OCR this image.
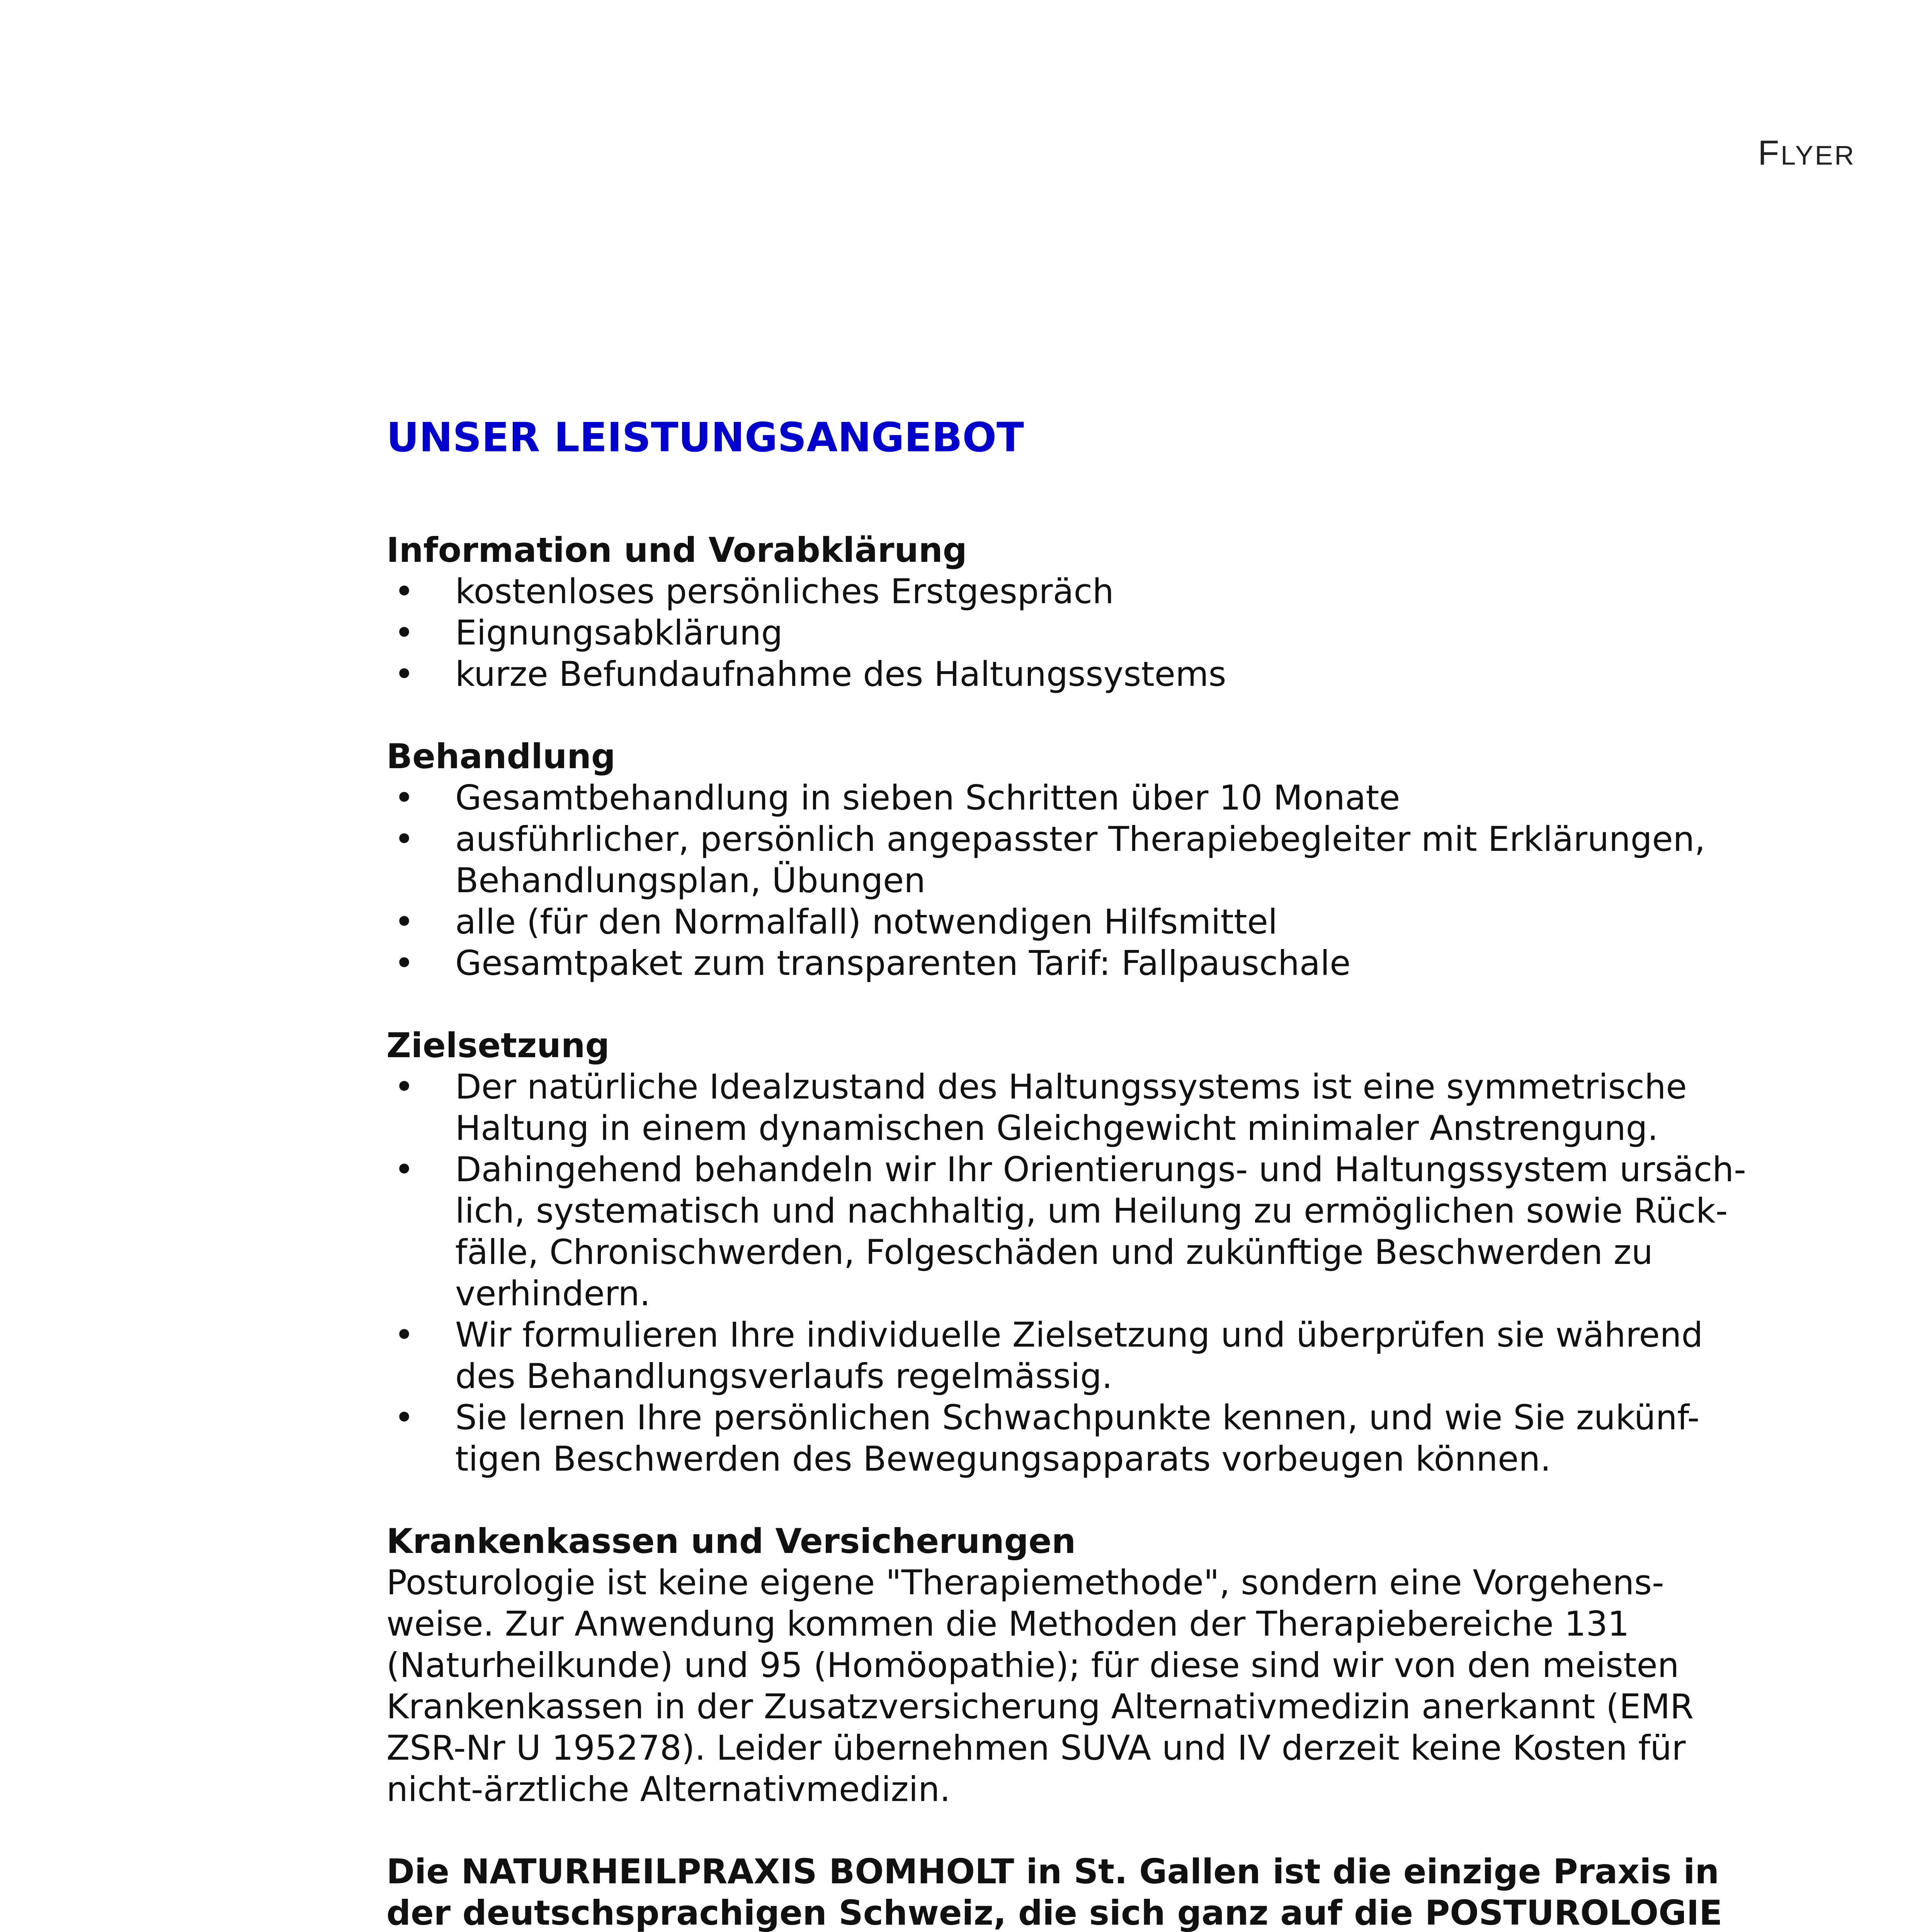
FLYER
UNSER LEISTUNGSANGEBOT

Information und Vorabklärung

• kostenloses persönliches Erstgespräch
• Eignungsabklärung
• kurze Befundaufnahme des Haltungssystems

Behandlung

• Gesamtbehandlung in sieben Schritten über 10 Monate
• ausführlicher, persönlich angepasster Therapiebegleiter mit Erklärungen,
Behandlungsplan, Übungen
• alle (für den Normalfall) notwendigen Hilfsmittel
• Gesamtpaket zum transparenten Tarif: Fallpauschale

Zielsetzung

• Der natürliche Idealzustand des Haltungssystems ist eine symmetrische
Haltung in einem dynamischen Gleichgewicht minimaler Anstrengung.
• Dahingehend behandeln wir Ihr Orientierungs- und Haltungssystem ursäch-
lich, systematisch und nachhaltig, um Heilung zu ermöglichen sowie Rück-
fälle, Chronischwerden, Folgeschäden und zukünftige Beschwerden zu
verhindern.
• Wir formulieren Ihre individuelle Zielsetzung und überprüfen sie während
des Behandlungsverlaufs regelmässig.
• Sie lernen Ihre persönlichen Schwachpunkte kennen, und wie Sie zukünf-
tigen Beschwerden des Bewegungsapparats vorbeugen können.

Krankenkassen und Versicherungen

Posturologie ist keine eigene "Therapiemethode", sondern eine Vorgehens-
weise. Zur Anwendung kommen die Methoden der Therapiebereiche 131
(Naturheilkunde) und 95 (Homöopathie); für diese sind wir von den meisten
Krankenkassen in der Zusatzversicherung Alternativmedizin anerkannt (EMR
ZSR-Nr U 195278). Leider übernehmen SUVA und IV derzeit keine Kosten für
nicht-ärztliche Alternativmedizin.

Die NATURHEILPRAXIS BOMHOLT in St. Gallen ist die einzige Praxis in
der deutschsprachigen Schweiz, die sich ganz auf die POSTUROLOGIE
